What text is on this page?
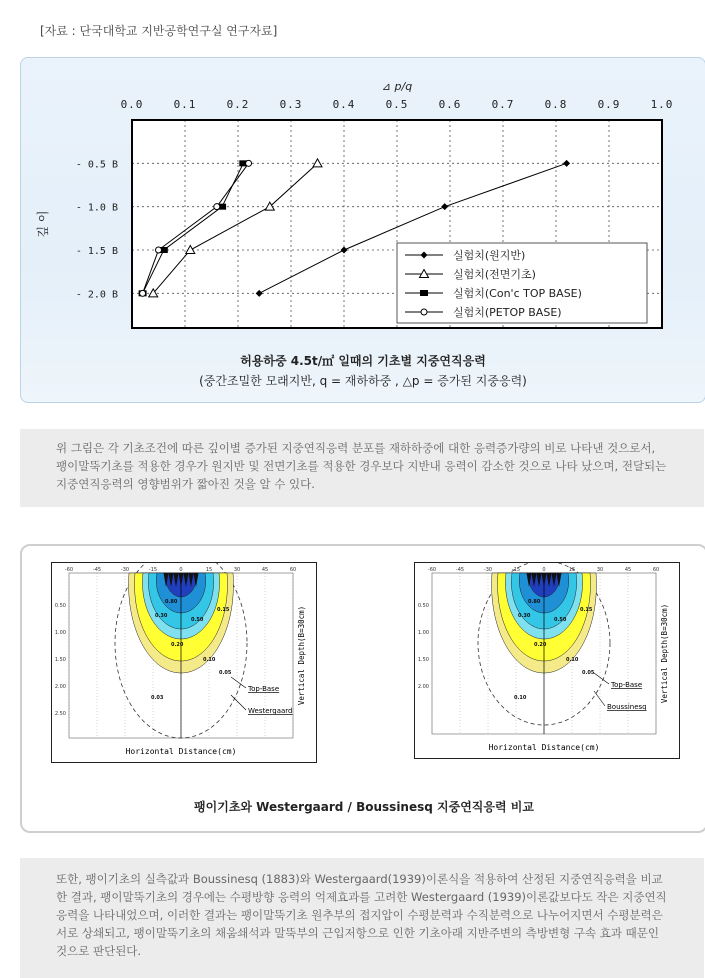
[자료 : 단국대학교 지반공학연구실 연구자료]
0.0	0.1	0.2	0.3	0.4	0.5	0.6	0.7	0.8	0.9	1.0
- 0.5 B
- 1.0 B
- 1.5 B
- 2.0 B
⊿ p/q
깊 이
실험치(원지반)
실험치(전면기초)
실험치(Con'c TOP BASE)
실험치(PETOP BASE)
허용하중 4.5t/㎡ 일때의 기초별 지중연직응력
(중간조밀한 모래지반, q = 재하하중 , △p = 증가된 지중응력)
위 그림은 각 기초조건에 따른 깊이별 증가된 지중연직응력 분포를 재하하중에 대한 응력증가량의 비로 나타낸 것으로서, 팽이말뚝기초를 적용한 경우가 원지반 및 전면기초를 적용한 경우보다 지반내 응력이 감소한 것으로 나타 났으며, 전달되는 지중연직응력의 영향범위가 짧아진 것을 알 수 있다.
-60	-45	-30	-15	0	15	30	45	60
0.50
1.00
1.50
2.00
2.50
0.80
0.50
0.20
0.10
0.05
0.15
0.30
0.03
Top-Base
Westergaard
Horizontal Distance(cm)
Vertical Depth(B=30cm)
-60	-45	-30	-15	0	15	30	45	60
0.50
1.00
1.50
2.00
0.80
0.50
0.20
0.10
0.05
0.15
0.30
0.10
Top-Base
Boussinesq
Horizontal Distance(cm)
Vertical Depth(B=30cm)
팽이기초와 Westergaard / Boussinesq 지중연직응력 비교
또한, 팽이기초의 실측값과 Boussinesq (1883)와 Westergaard(1939)이론식을 적용하여 산정된 지중연직응력을 비교한 결과, 팽이말뚝기초의 경우에는 수평방향 응력의 억제효과를 고려한 Westergaard (1939)이론값보다도 작은 지중연직응력을 나타내었으며, 이러한 결과는 팽이말뚝기초 원추부의 접지압이 수평분력과 수직분력으로 나누어지면서 수평분력은 서로 상쇄되고, 팽이말뚝기초의 채움쇄석과 말뚝부의 근입저항으로 인한 기초아래 지반주변의 측방변형 구속 효과 때문인 것으로 판단된다.
